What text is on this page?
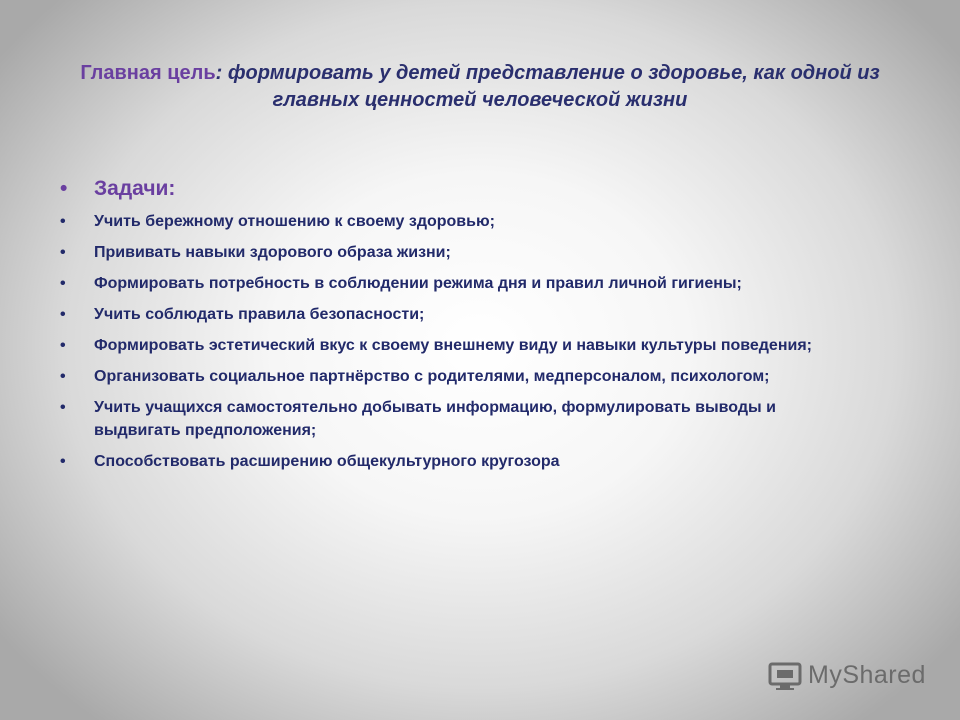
Главная цель: формировать у детей представление о здоровье, как одной из главных ценностей человеческой жизни
•	Задачи:
•	Учить бережному отношению к своему здоровью;
•	Прививать навыки здорового образа жизни;
•	Формировать потребность в соблюдении режима дня и правил личной гигиены;
•	Учить соблюдать правила безопасности;
•	Формировать эстетический вкус к своему внешнему виду и навыки культуры поведения;
•	Организовать социальное партнёрство с родителями, медперсоналом, психологом;
•	Учить учащихся самостоятельно добывать информацию, формулировать выводы и выдвигать предположения;
•	Способствовать расширению общекультурного кругозора
MyShared
